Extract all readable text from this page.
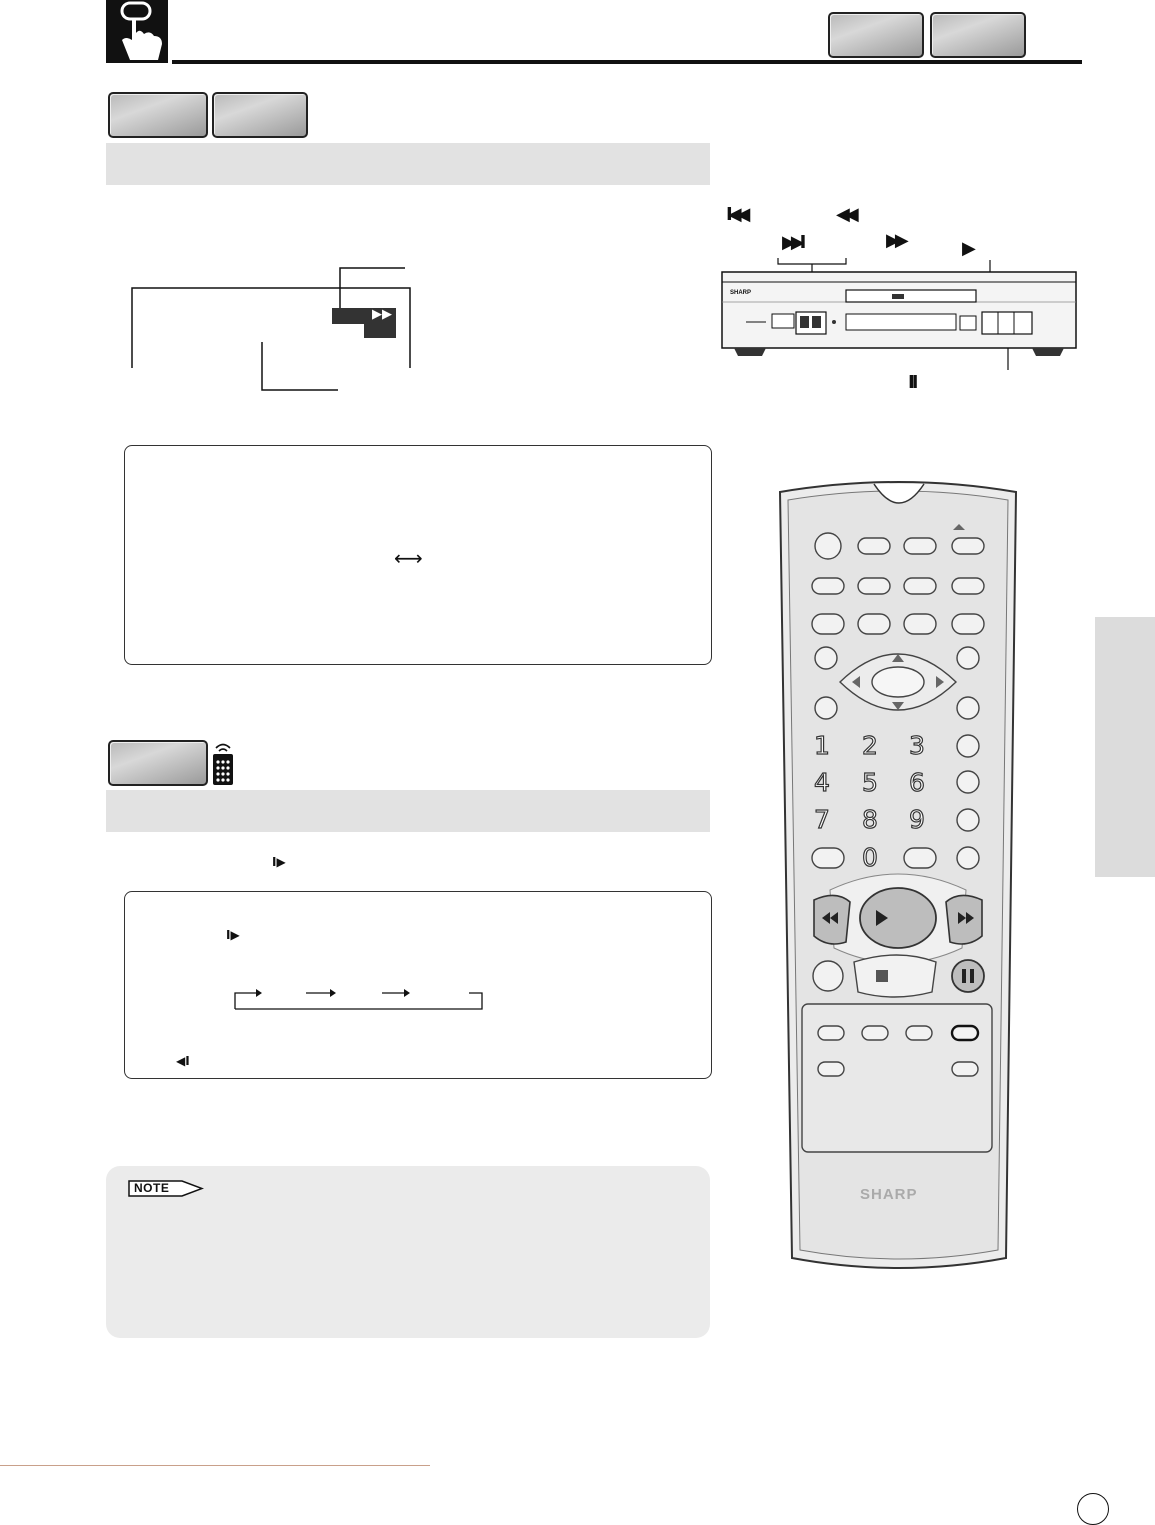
▶▶
⟷
I▶
I▶
◀I
NOTE
I◀◀	◀◀
▶▶I	▶▶	▶
II
SHARP
SHARP
1 2 3
4 5 6
7 8 9
0
